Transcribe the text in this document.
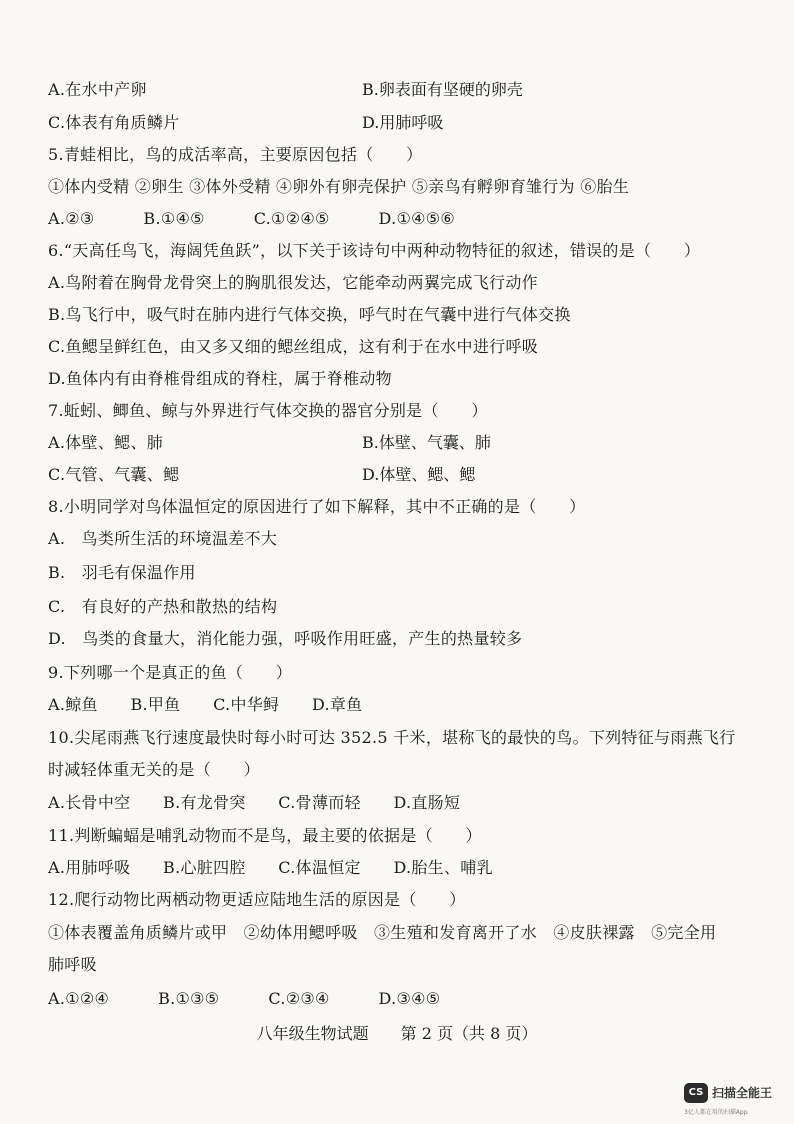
A.在水中产卵	B.卵表面有坚硬的卵壳
C.体表有角质鳞片	D.用肺呼吸
5.青蛙相比，鸟的成活率高，主要原因包括（　　）
①体内受精 ②卵生 ③体外受精 ④卵外有卵壳保护 ⑤亲鸟有孵卵育雏行为 ⑥胎生
A.②③　　　B.①④⑤　　　C.①②④⑤　　　D.①④⑤⑥
6.“天高任鸟飞，海阔凭鱼跃”，以下关于该诗句中两种动物特征的叙述，错误的是（　　）
A.鸟附着在胸骨龙骨突上的胸肌很发达，它能牵动两翼完成飞行动作
B.鸟飞行中，吸气时在肺内进行气体交换，呼气时在气囊中进行气体交换
C.鱼鳃呈鲜红色，由又多又细的鳃丝组成，这有利于在水中进行呼吸
D.鱼体内有由脊椎骨组成的脊柱，属于脊椎动物
7.蚯蚓、鲫鱼、鲸与外界进行气体交换的器官分别是（　　）
A.体壁、鳃、肺	B.体壁、气囊、肺
C.气管、气囊、鳃	D.体壁、鳃、鳃
8.小明同学对鸟体温恒定的原因进行了如下解释，其中不正确的是（　　）
A.　鸟类所生活的环境温差不大
B.　羽毛有保温作用
C.　有良好的产热和散热的结构
D.　鸟类的食量大，消化能力强，呼吸作用旺盛，产生的热量较多
9.下列哪一个是真正的鱼（　　）
A.鲸鱼　　B.甲鱼　　C.中华鲟　　D.章鱼
10.尖尾雨燕飞行速度最快时每小时可达 352.5 千米，堪称飞的最快的鸟。下列特征与雨燕飞行
时减轻体重无关的是（　　）
A.长骨中空　　B.有龙骨突　　C.骨薄而轻　　D.直肠短
11.判断蝙蝠是哺乳动物而不是鸟，最主要的依据是（　　）
A.用肺呼吸　　B.心脏四腔　　C.体温恒定　　D.胎生、哺乳
12.爬行动物比两栖动物更适应陆地生活的原因是（　　）
①体表覆盖角质鳞片或甲　②幼体用鳃呼吸　③生殖和发育离开了水　④皮肤裸露　⑤完全用
肺呼吸
A.①②④　　　B.①③⑤　　　C.②③④　　　D.③④⑤
八年级生物试题　　第 2 页（共 8 页）
CS 扫描全能王
3亿人都在用的扫描App
